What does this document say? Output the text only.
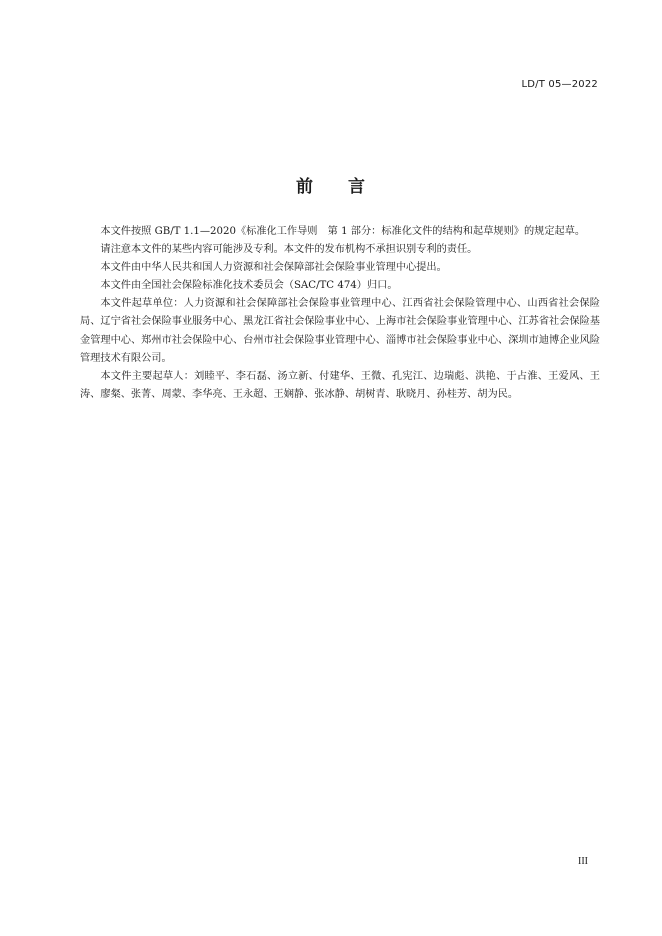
LD/T 05—2022
前 言

本文件按照 GB/T 1.1—2020《标准化工作导则　第 1 部分：标准化文件的结构和起草规则》的规定起草。

请注意本文件的某些内容可能涉及专利。本文件的发布机构不承担识别专利的责任。

本文件由中华人民共和国人力资源和社会保障部社会保险事业管理中心提出。

本文件由全国社会保险标准化技术委员会（SAC/TC 474）归口。

本文件起草单位：人力资源和社会保障部社会保险事业管理中心、江西省社会保险管理中心、山西省社会保险局、辽宁省社会保险事业服务中心、黑龙江省社会保险事业中心、上海市社会保险事业管理中心、江苏省社会保险基金管理中心、郑州市社会保险中心、台州市社会保险事业管理中心、淄博市社会保险事业中心、深圳市迪博企业风险管理技术有限公司。

本文件主要起草人：刘睦平、李石磊、汤立新、付建华、王微、孔宪江、边瑞彪、洪艳、于占淮、王爱风、王涛、廖粲、张菁、周蒙、李华亮、王永超、王娴静、张冰静、胡树青、耿晓月、孙桂芳、胡为民。

III
